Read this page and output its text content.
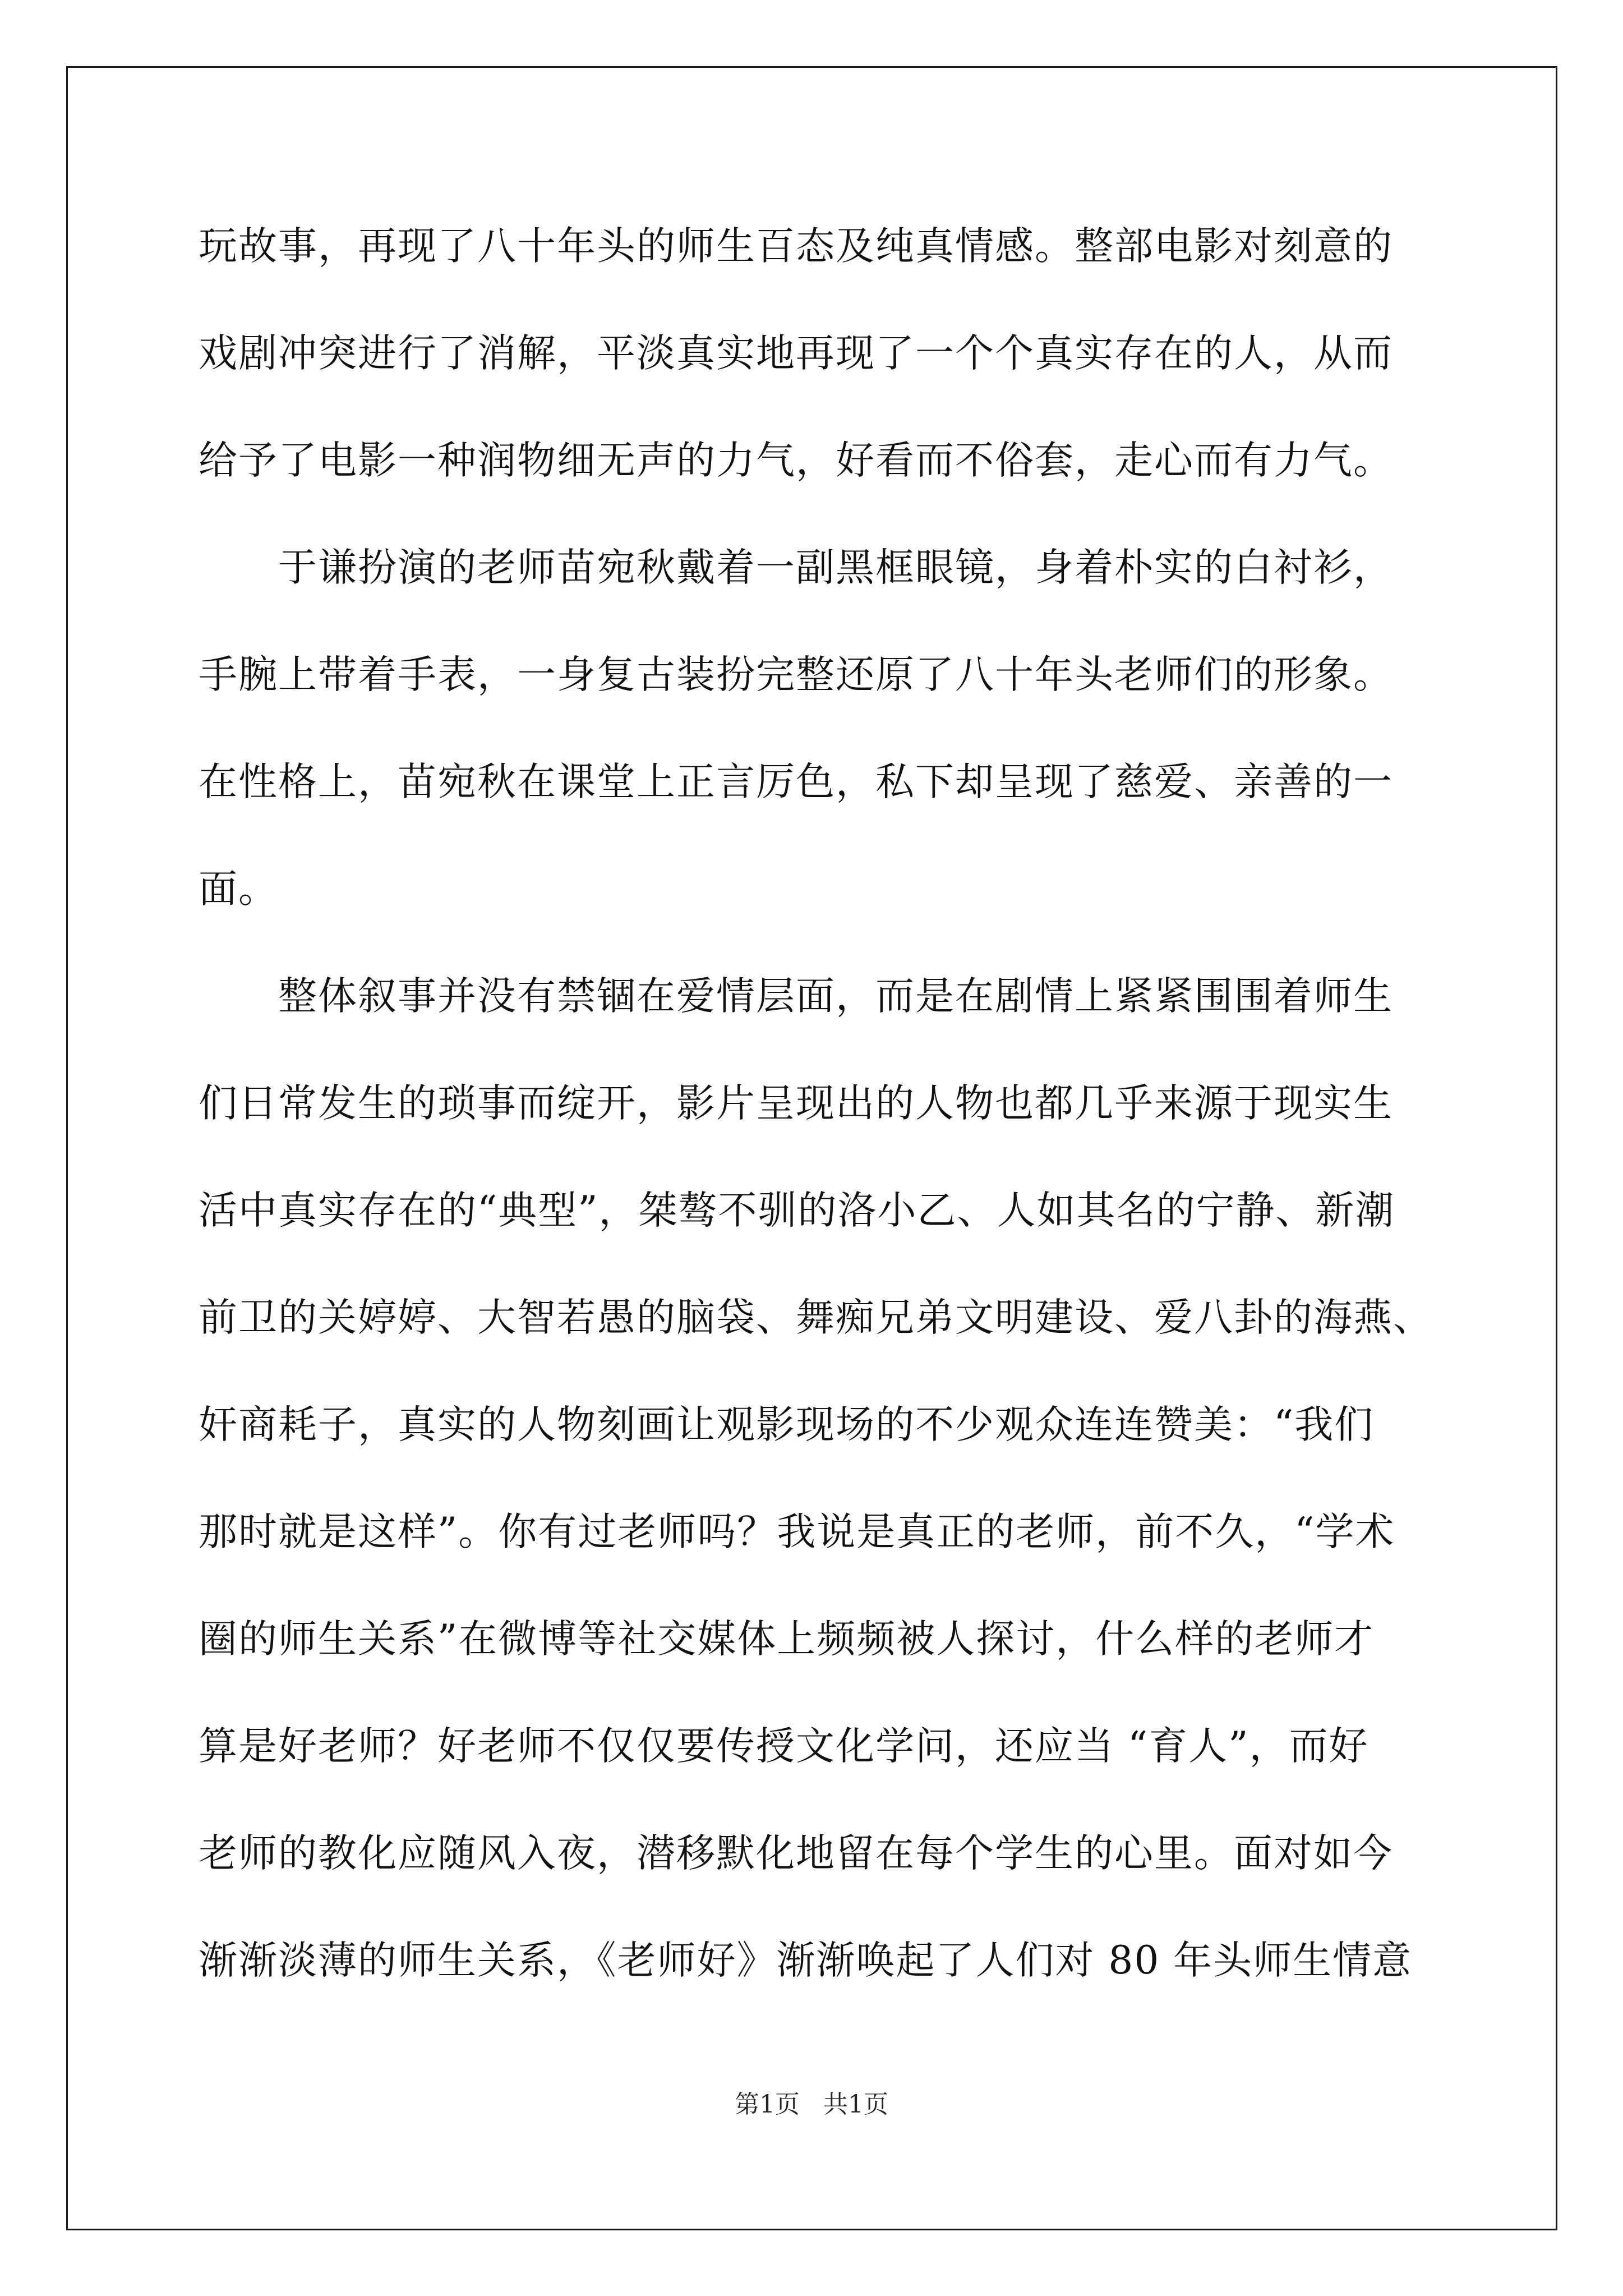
玩故事，再现了八十年头的师生百态及纯真情感。整部电影对刻意的
戏剧冲突进行了消解，平淡真实地再现了一个个真实存在的人，从而
给予了电影一种润物细无声的力气，好看而不俗套，走心而有力气。
　　于谦扮演的老师苗宛秋戴着一副黑框眼镜，身着朴实的白衬衫，
手腕上带着手表，一身复古装扮完整还原了八十年头老师们的形象。
在性格上，苗宛秋在课堂上正言厉色，私下却呈现了慈爱、亲善的一
面。
　　整体叙事并没有禁锢在爱情层面，而是在剧情上紧紧围围着师生
们日常发生的琐事而绽开，影片呈现出的人物也都几乎来源于现实生
活中真实存在的“典型”，桀骜不驯的洛小乙、人如其名的宁静、新潮
前卫的关婷婷、大智若愚的脑袋、舞痴兄弟文明建设、爱八卦的海燕、
奸商耗子，真实的人物刻画让观影现场的不少观众连连赞美：“我们
那时就是这样”。你有过老师吗？我说是真正的老师，前不久，“学术
圈的师生关系”在微博等社交媒体上频频被人探讨，什么样的老师才
算是好老师？好老师不仅仅要传授文化学问，还应当 “育人”，而好
老师的教化应随风入夜，潜移默化地留在每个学生的心里。面对如今
渐渐淡薄的师生关系，《老师好》渐渐唤起了人们对 80 年头师生情意
第1页   共1页
